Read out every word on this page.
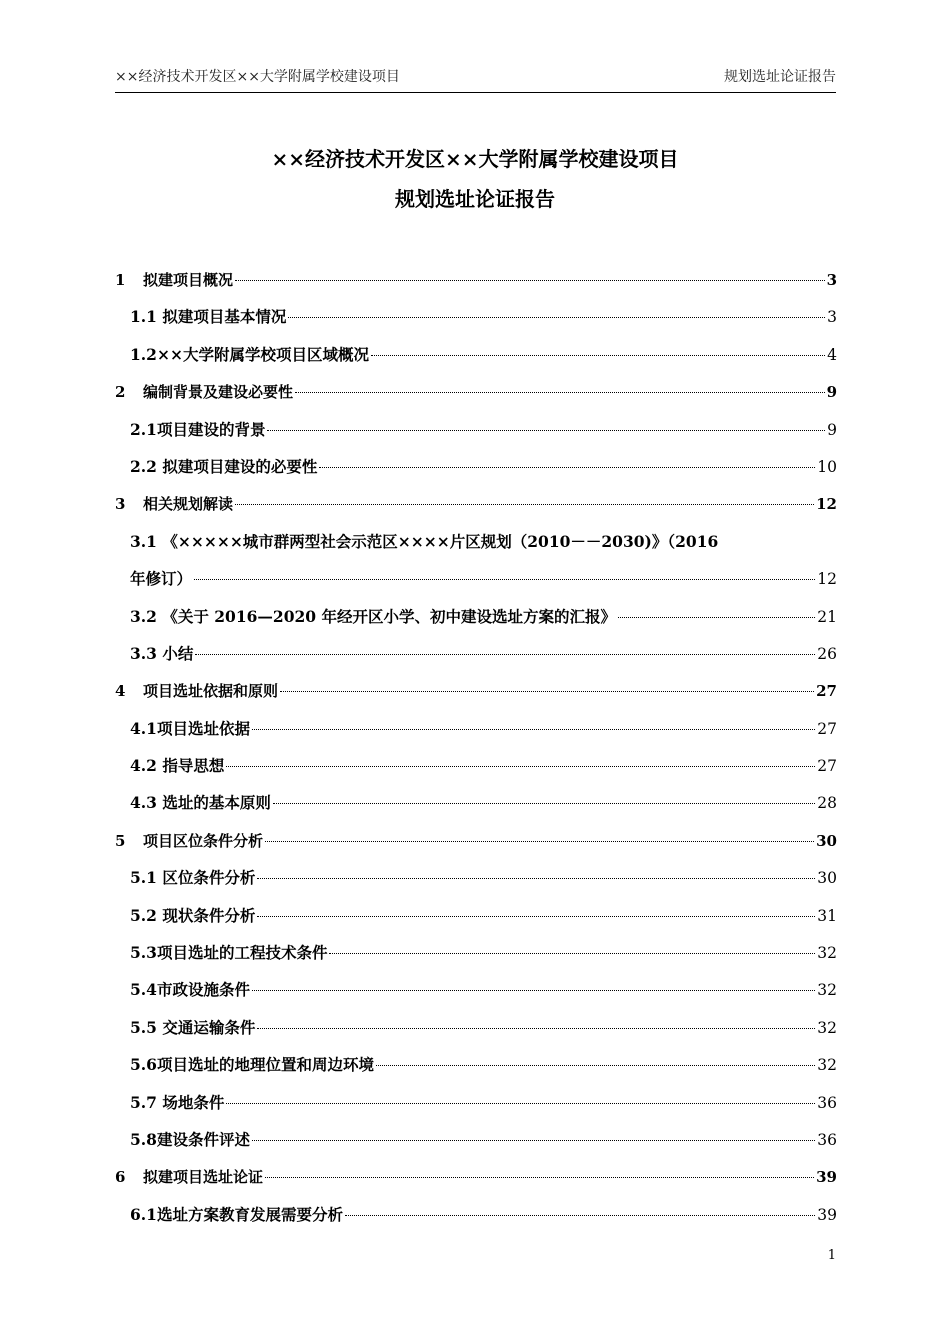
××经济技术开发区××大学附属学校建设项目	规划选址论证报告
××经济技术开发区××大学附属学校建设项目
规划选址论证报告
1	拟建项目概况	3
1.1 拟建项目基本情况	3
1.2 ××大学附属学校项目区域概况	4
2	编制背景及建设必要性	9
2.1 项目建设的背景	9
2.2 拟建项目建设的必要性	10
3	相关规划解读	12
3.1 《×××××城市群两型社会示范区××××片区规划（2010－－2030)》（2016
年修订）	12
3.2 《关于 2016—2020 年经开区小学、初中建设选址方案的汇报》	21
3.3 小结	26
4	项目选址依据和原则	27
4.1 项目选址依据	27
4.2 指导思想	27
4.3 选址的基本原则	28
5	项目区位条件分析	30
5.1 区位条件分析	30
5.2 现状条件分析	31
5.3 项目选址的工程技术条件	32
5.4 市政设施条件	32
5.5 交通运输条件	32
5.6 项目选址的地理位置和周边环境	32
5.7 场地条件	36
5.8 建设条件评述	36
6	拟建项目选址论证	39
6.1 选址方案教育发展需要分析	39
1
